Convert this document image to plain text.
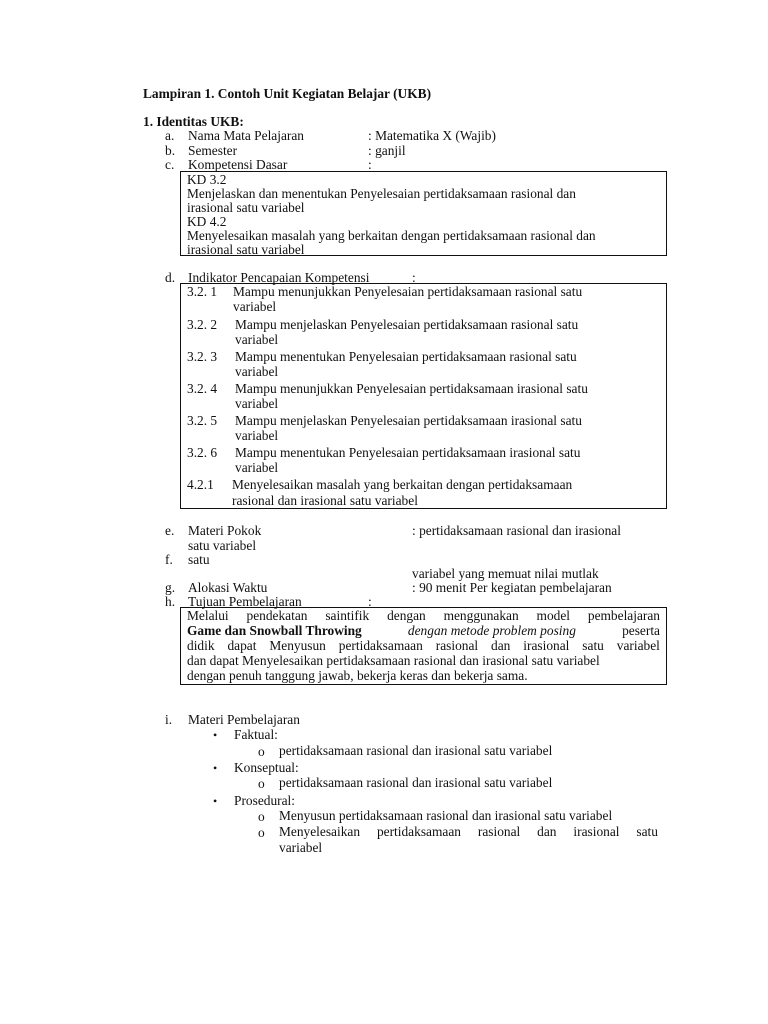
Lampiran 1. Contoh Unit Kegiatan Belajar (UKB)
1. Identitas UKB:
a. Nama Mata Pelajaran	: Matematika X (Wajib)
b. Semester	: ganjil
c. Kompetensi Dasar	:
KD 3.2
Menjelaskan dan menentukan Penyelesaian pertidaksamaan rasional dan
irasional satu variabel
KD 4.2
Menyelesaikan masalah yang berkaitan dengan pertidaksamaan rasional dan
irasional satu variabel
d. Indikator Pencapaian Kompetensi	:
3.2. 1 Mampu menunjukkan Penyelesaian pertidaksamaan rasional satu
variabel
3.2. 2 Mampu menjelaskan Penyelesaian pertidaksamaan rasional satu
variabel
3.2. 3 Mampu menentukan Penyelesaian pertidaksamaan rasional satu
variabel
3.2. 4 Mampu menunjukkan Penyelesaian pertidaksamaan irasional satu
variabel
3.2. 5 Mampu menjelaskan Penyelesaian pertidaksamaan irasional satu
variabel
3.2. 6 Mampu menentukan Penyelesaian pertidaksamaan irasional satu
variabel
4.2.1 Menyelesaikan masalah yang berkaitan dengan pertidaksamaan
rasional dan irasional satu variabel
e. Materi Pokok	: pertidaksamaan rasional dan irasional
satu variabel
f. satu
variabel yang memuat nilai mutlak
g. Alokasi Waktu	: 90 menit Per kegiatan pembelajaran
h. Tujuan Pembelajaran	:
Melalui pendekatan saintifik dengan menggunakan model pembelajaran
Game dan Snowball Throwing	dengan metode problem posing	peserta
didik dapat Menyusun pertidaksamaan rasional dan irasional satu variabel
dan dapat Menyelesaikan pertidaksamaan rasional dan irasional satu variabel
dengan penuh tanggung jawab, bekerja keras dan bekerja sama.
i. Materi Pembelajaran
• Faktual:
o pertidaksamaan rasional dan irasional satu variabel
• Konseptual:
o pertidaksamaan rasional dan irasional satu variabel
• Prosedural:
o Menyusun pertidaksamaan rasional dan irasional satu variabel
o Menyelesaikan pertidaksamaan rasional dan irasional satu
variabel
